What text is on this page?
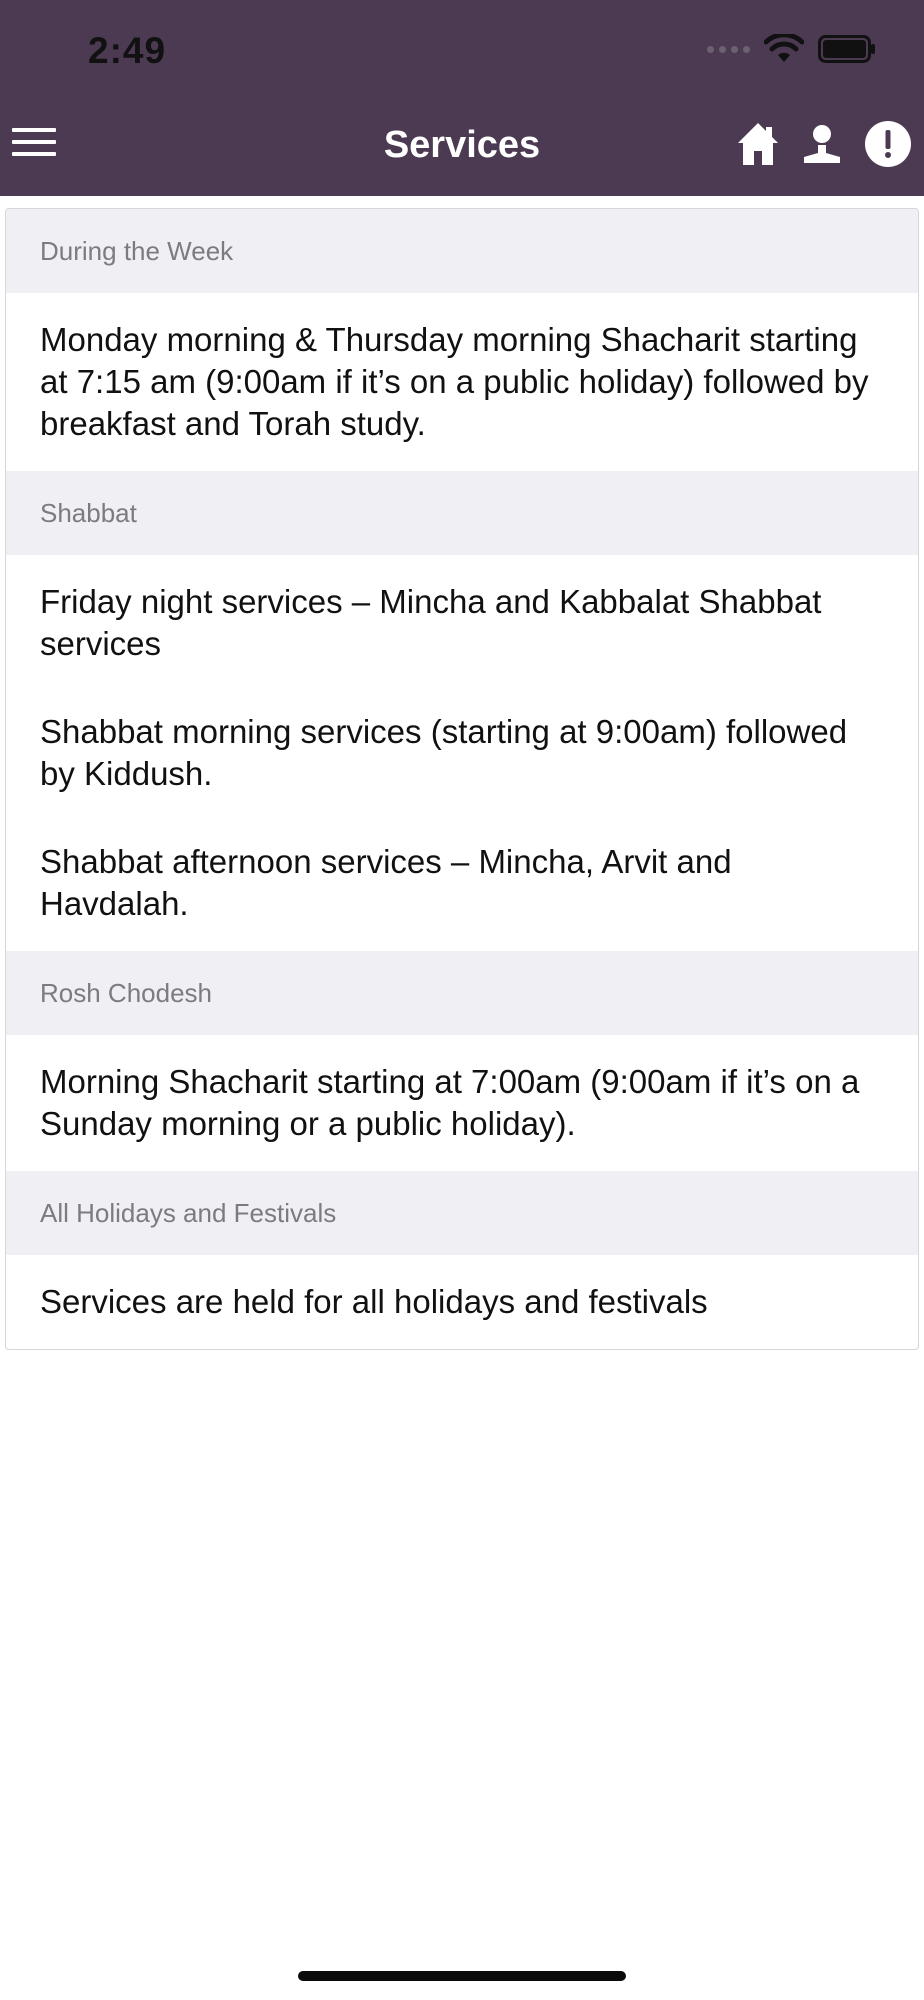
2:49
Services
During the Week

Monday morning & Thursday morning Shacharit starting at 7:15 am (9:00am if it’s on a public holiday) followed by breakfast and Torah study.

Shabbat

Friday night services – Mincha and Kabbalat Shabbat services

Shabbat morning services (starting at 9:00am) followed by Kiddush.

Shabbat afternoon services – Mincha, Arvit and Havdalah.

Rosh Chodesh

Morning Shacharit starting at 7:00am (9:00am if it’s on a Sunday morning or a public holiday).

All Holidays and Festivals

Services are held for all holidays and festivals
